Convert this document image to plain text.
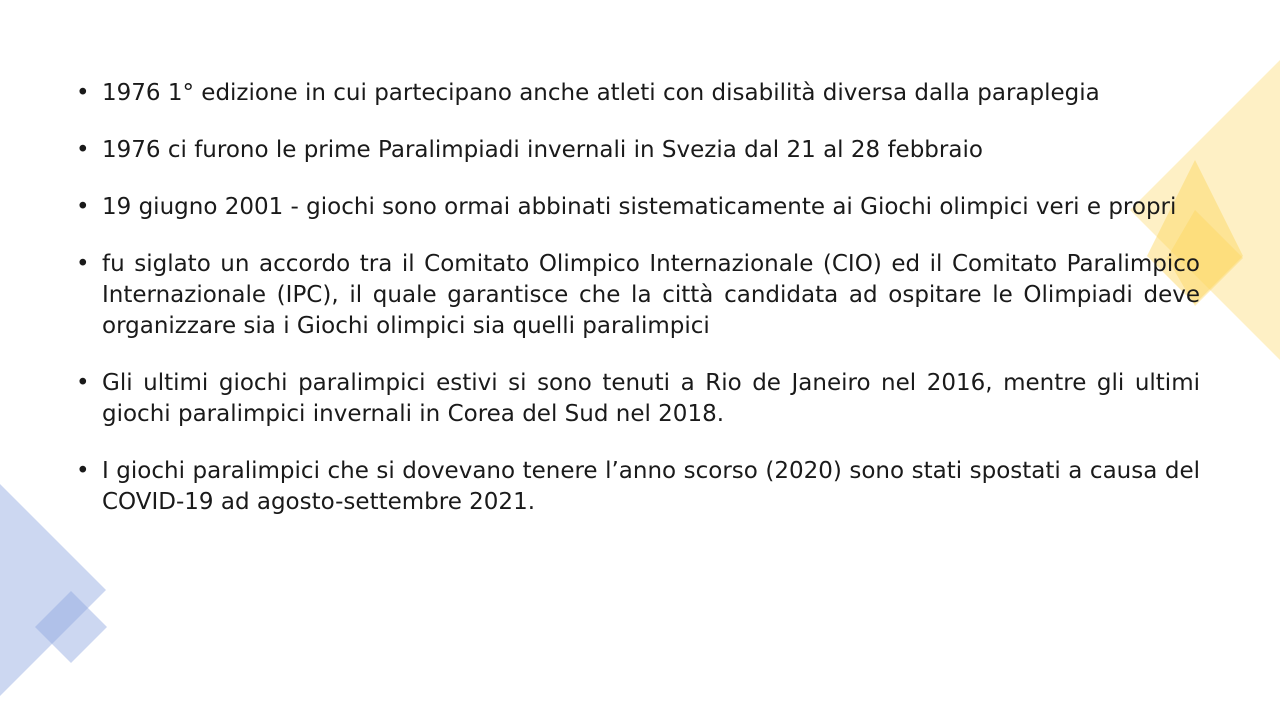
• 1976 1° edizione in cui partecipano anche atleti con disabilità diversa dalla paraplegia
• 1976 ci furono le prime Paralimpiadi invernali in Svezia dal 21 al 28 febbraio
• 19 giugno 2001 - giochi sono ormai abbinati sistematicamente ai Giochi olimpici veri e propri
• fu siglato un accordo tra il Comitato Olimpico Internazionale (CIO) ed il Comitato Paralimpico Internazionale (IPC), il quale garantisce che la città candidata ad ospitare le Olimpiadi deve organizzare sia i Giochi olimpici sia quelli paralimpici
• Gli ultimi giochi paralimpici estivi si sono tenuti a Rio de Janeiro nel 2016, mentre gli ultimi giochi paralimpici invernali in Corea del Sud nel 2018.
• I giochi paralimpici che si dovevano tenere l’anno scorso (2020) sono stati spostati a causa del COVID-19 ad agosto-settembre 2021.
